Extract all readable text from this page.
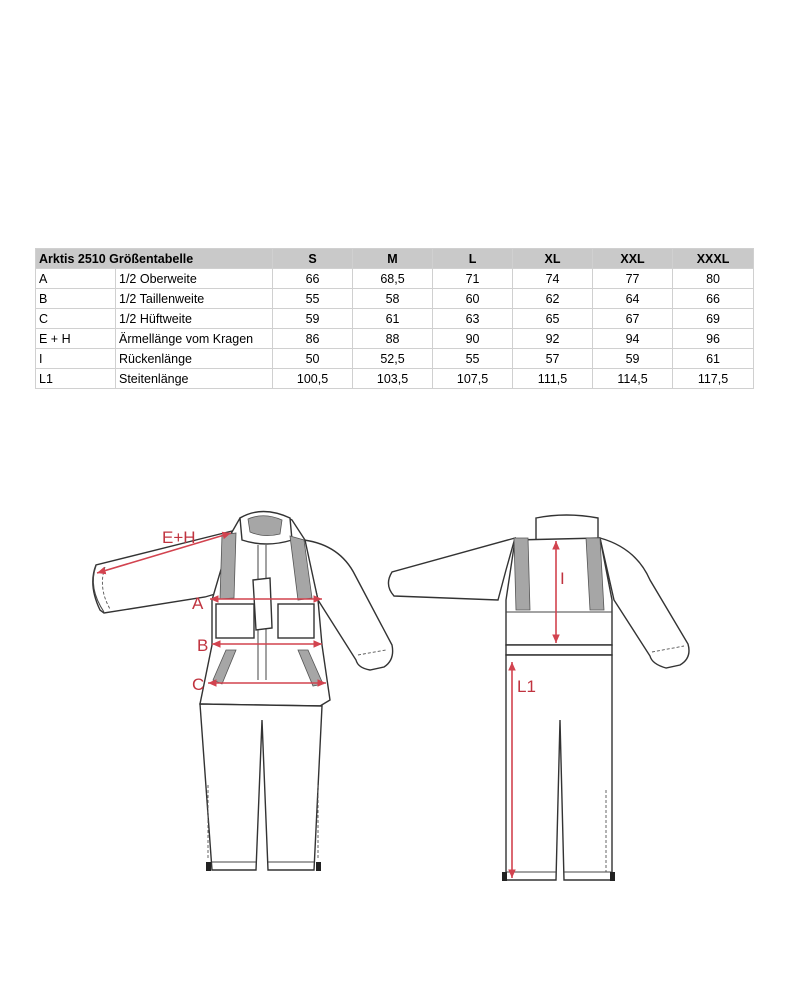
Arktis 2510 Größentabelle		S	M	L	XL	XXL	XXXL
A	1/2 Oberweite	66	68,5	71	74	77	80
B	1/2 Taillenweite	55	58	60	62	64	66
C	1/2 Hüftweite	59	61	63	65	67	69
E + H	Ärmellänge vom Kragen	86	88	90	92	94	96
I	Rückenlänge	50	52,5	55	57	59	61
L1	Steitenlänge	100,5	103,5	107,5	111,5	114,5	117,5
E+H
A
B
C
I
L1
